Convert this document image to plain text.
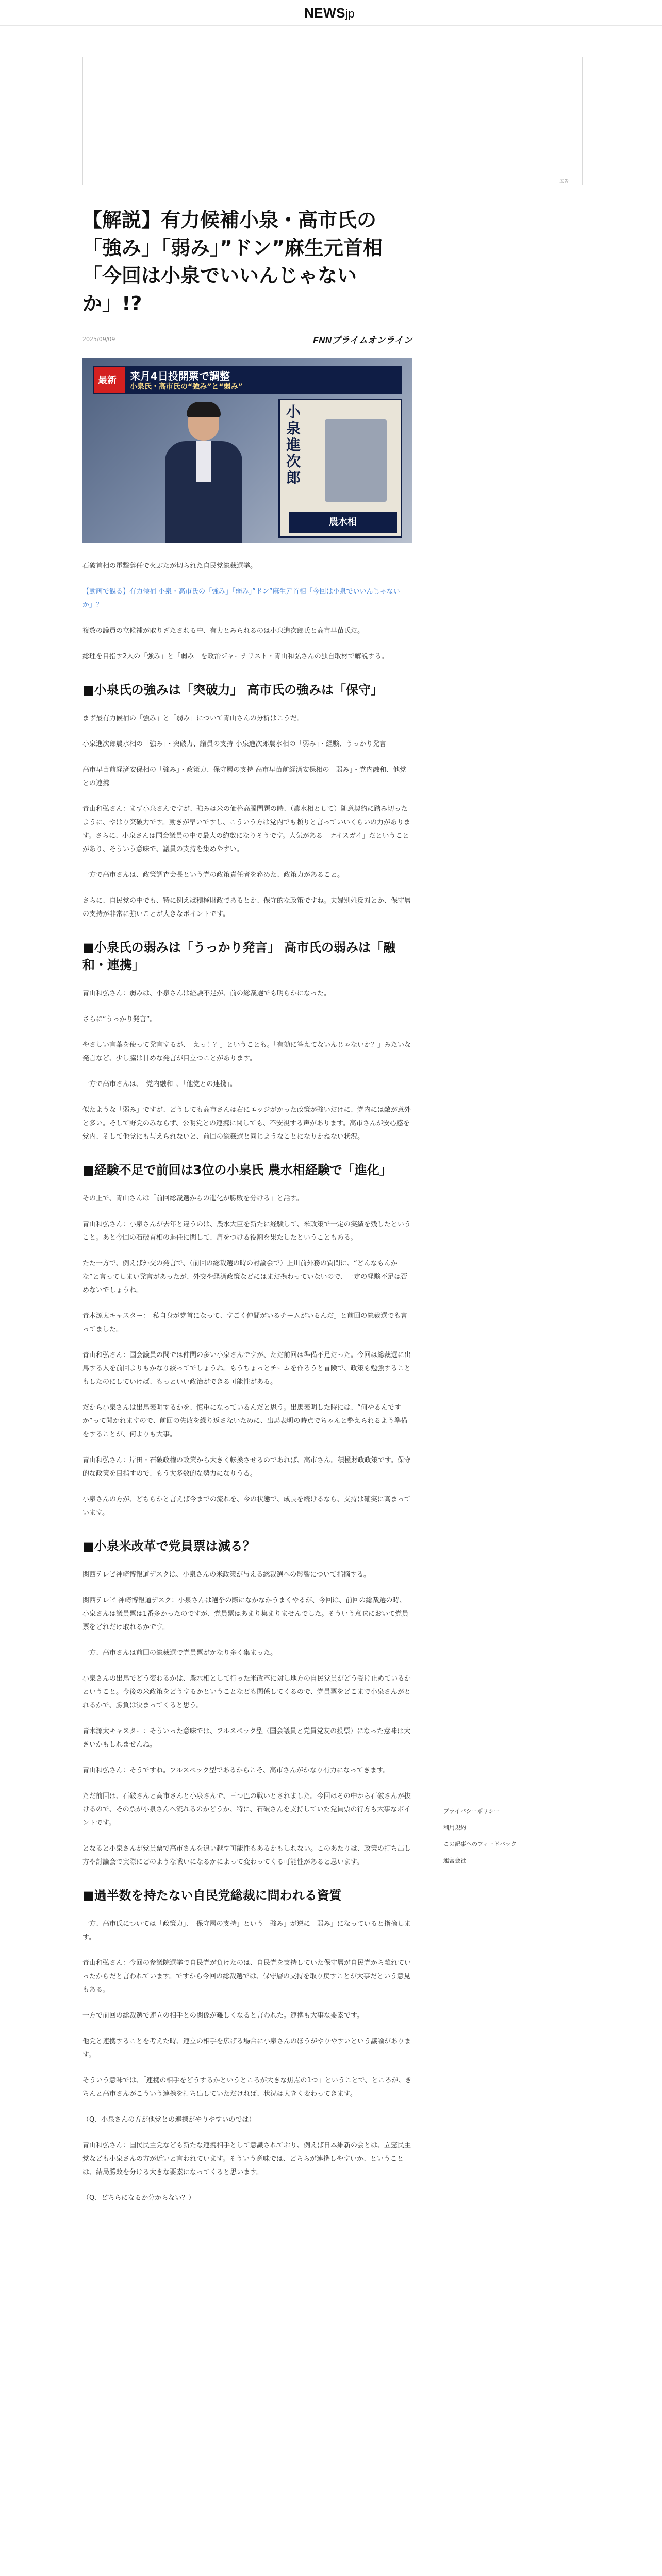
NEWSjp
広告
【解説】有力候補小泉・高市氏の「強み」「弱み」”ドン”麻生元首相「今回は小泉でいいんじゃないか」!?
2025/09/09	FNNプライムオンライン
最新 来月4日投開票で調整
小泉氏・高市氏の“強み”と“弱み”
小泉進次郎
農水相

石破首相の電撃辞任で火ぶたが切られた自民党総裁選挙。

【動画で観る】有力候補 小泉・高市氏の「強み」「弱み」”ドン”麻生元首相「今回は小泉でいいんじゃないか」？

複数の議員の立候補が取りざたされる中、有力とみられるのは小泉進次郎氏と高市早苗氏だ。

総理を目指す2人の「強み」と「弱み」を政治ジャーナリスト・青山和弘さんの独自取材で解説する。

■小泉氏の強みは「突破力」 高市氏の強みは「保守」

まず最有力候補の「強み」と「弱み」について青山さんの分析はこうだ。

小泉進次郎農水相の「強み」・突破力、議員の支持 小泉進次郎農水相の「弱み」・経験、うっかり発言

高市早苗前経済安保相の「強み」・政策力、保守層の支持 高市早苗前経済安保相の「弱み」・党内融和、他党との連携

青山和弘さん：まず小泉さんですが、強みは米の価格高騰問題の時、（農水相として）随意契約に踏み切ったように、やはり突破力です。動きが早いですし、こういう方は党内でも頼りと言っていいくらいの力があります。さらに、小泉さんは国会議員の中で最大の約数になりそうです。人気がある「ナイスガイ」だということがあり、そういう意味で、議員の支持を集めやすい。

一方で高市さんは、政策調査会長という党の政策責任者を務めた、政策力があること。

さらに、自民党の中でも、特に例えば積極財政であるとか、保守的な政策ですね。夫婦別姓反対とか、保守層の支持が非常に強いことが大きなポイントです。

■小泉氏の弱みは「うっかり発言」 高市氏の弱みは「融和・連携」

青山和弘さん：弱みは、小泉さんは経験不足が、前の総裁選でも明らかになった。

さらに“うっかり発言”。

やさしい言葉を使って発言するが、「えっ！？」ということも。「有効に答えてないんじゃないか？」みたいな発言など、少し脇は甘めな発言が目立つことがあります。

一方で高市さんは、「党内融和」、「他党との連携」。

似たような「弱み」ですが、どうしても高市さんは右にエッジがかった政策が強いだけに、党内には敵が意外と多い。そして野党のみならず、公明党との連携に関しても、不安視する声があります。高市さんが安心感を党内、そして他党にも与えられないと、前回の総裁選と同じようなことになりかねない状況。

■経験不足で前回は3位の小泉氏 農水相経験で「進化」

その上で、青山さんは「前回総裁選からの進化が勝敗を分ける」と話す。

青山和弘さん：小泉さんが去年と違うのは、農水大臣を新たに経験して、米政策で一定の実績を残したということ。あと今回の石破首相の退任に関して、肩をつける役割を果たしたということもある。

たた一方で、例えば外交の発言で、（前回の総裁選の時の討論会で）上川前外務の質問に、“どんなもんかな”と言ってしまい発言があったが、外交や経済政策などにはまだ携わっていないので、一定の経験不足は否めないでしょうね。

青木源太キャスター：「私自身が党首になって、すごく仲間がいるチームがいるんだ」と前回の総裁選でも言ってました。

青山和弘さん：国会議員の間では仲間の多い小泉さんですが、ただ前回は準備不足だった。今回は総裁選に出馬する人を前回よりもかなり絞ってでしょうね。もうちょっとチームを作ろうと冒険で、政策も勉強することもしたのにしていけば、もっといい政治ができる可能性がある。

だから小泉さんは出馬表明するかを、慎重になっているんだと思う。出馬表明した時には、“何やるんですか”って聞かれますので、前回の失敗を繰り返さないために、出馬表明の時点でちゃんと整えられるよう準備をすることが、何よりも大事。

青山和弘さん：岸田・石破政権の政策から大きく転換させるのであれば、高市さん。積極財政政策です。保守的な政策を目指すので、もう大多数的な勢力になりうる。

小泉さんの方が、どちらかと言えば今までの流れを、今の状態で、成長を続けるなら、支持は確実に高まっています。

■小泉米改革で党員票は減る？

関西テレビ神崎博報道デスクは、小泉さんの米政策が与える総裁選への影響について指摘する。

関西テレビ 神崎博報道デスク：小泉さんは選挙の際になかなかうまくやるが、今回は、前回の総裁選の時、小泉さんは議員票は1番多かったのですが、党員票はあまり集まりませんでした。そういう意味において党員票をどれだけ取れるかです。

一方、高市さんは前回の総裁選で党員票がかなり多く集まった。

小泉さんの出馬でどう変わるかは、農水相として行った米改革に対し地方の自民党員がどう受け止めているかということ。今後の米政策をどうするかということなども関係してくるので、党員票をどこまで小泉さんがとれるかで、勝負は決まってくると思う。

青木源太キャスター：そういった意味では、フルスペック型（国会議員と党員党友の投票）になった意味は大きいかもしれませんね。

青山和弘さん：そうですね。フルスペック型であるからこそ、高市さんがかなり有力になってきます。

ただ前回は、石破さんと高市さんと小泉さんで、三つ巴の戦いとされました。今回はその中から石破さんが抜けるので、その票が小泉さんへ流れるのかどうか、特に、石破さんを支持していた党員票の行方も大事なポイントです。

となると小泉さんが党員票で高市さんを追い越す可能性もあるかもしれない。このあたりは、政策の打ち出し方や討論会で実際にどのような戦いになるかによって変わってくる可能性があると思います。

■過半数を持たない自民党総裁に問われる資質

一方、高市氏については「政策力」、「保守層の支持」という「強み」が逆に「弱み」になっていると指摘します。

青山和弘さん：今回の参議院選挙で自民党が負けたのは、自民党を支持していた保守層が自民党から離れていったからだと言われています。ですから今回の総裁選では、保守層の支持を取り戻すことが大事だという意見もある。

一方で前回の総裁選で連立の相手との関係が難しくなると言われた。連携も大事な要素です。

他党と連携することを考えた時、連立の相手を広げる場合に小泉さんのほうがやりやすいという議論があります。

そういう意味では、「連携の相手をどうするかというところが大きな焦点の1つ」ということで、ところが、きちんと高市さんがこういう連携を打ち出していただければ、状況は大きく変わってきます。

（Q、小泉さんの方が他党との連携がやりやすいのでは）

青山和弘さん：国民民主党なども新たな連携相手として意識されており、例えば日本維新の会とは、立憲民主党なども小泉さんの方が近いと言われています。そういう意味では、どちらが連携しやすいか、ということは、結局勝敗を分ける大きな要素になってくると思います。

（Q、どちらになるか分からない？）

プライバシーポリシー
利用規約
この記事へのフィードバック
運営会社
